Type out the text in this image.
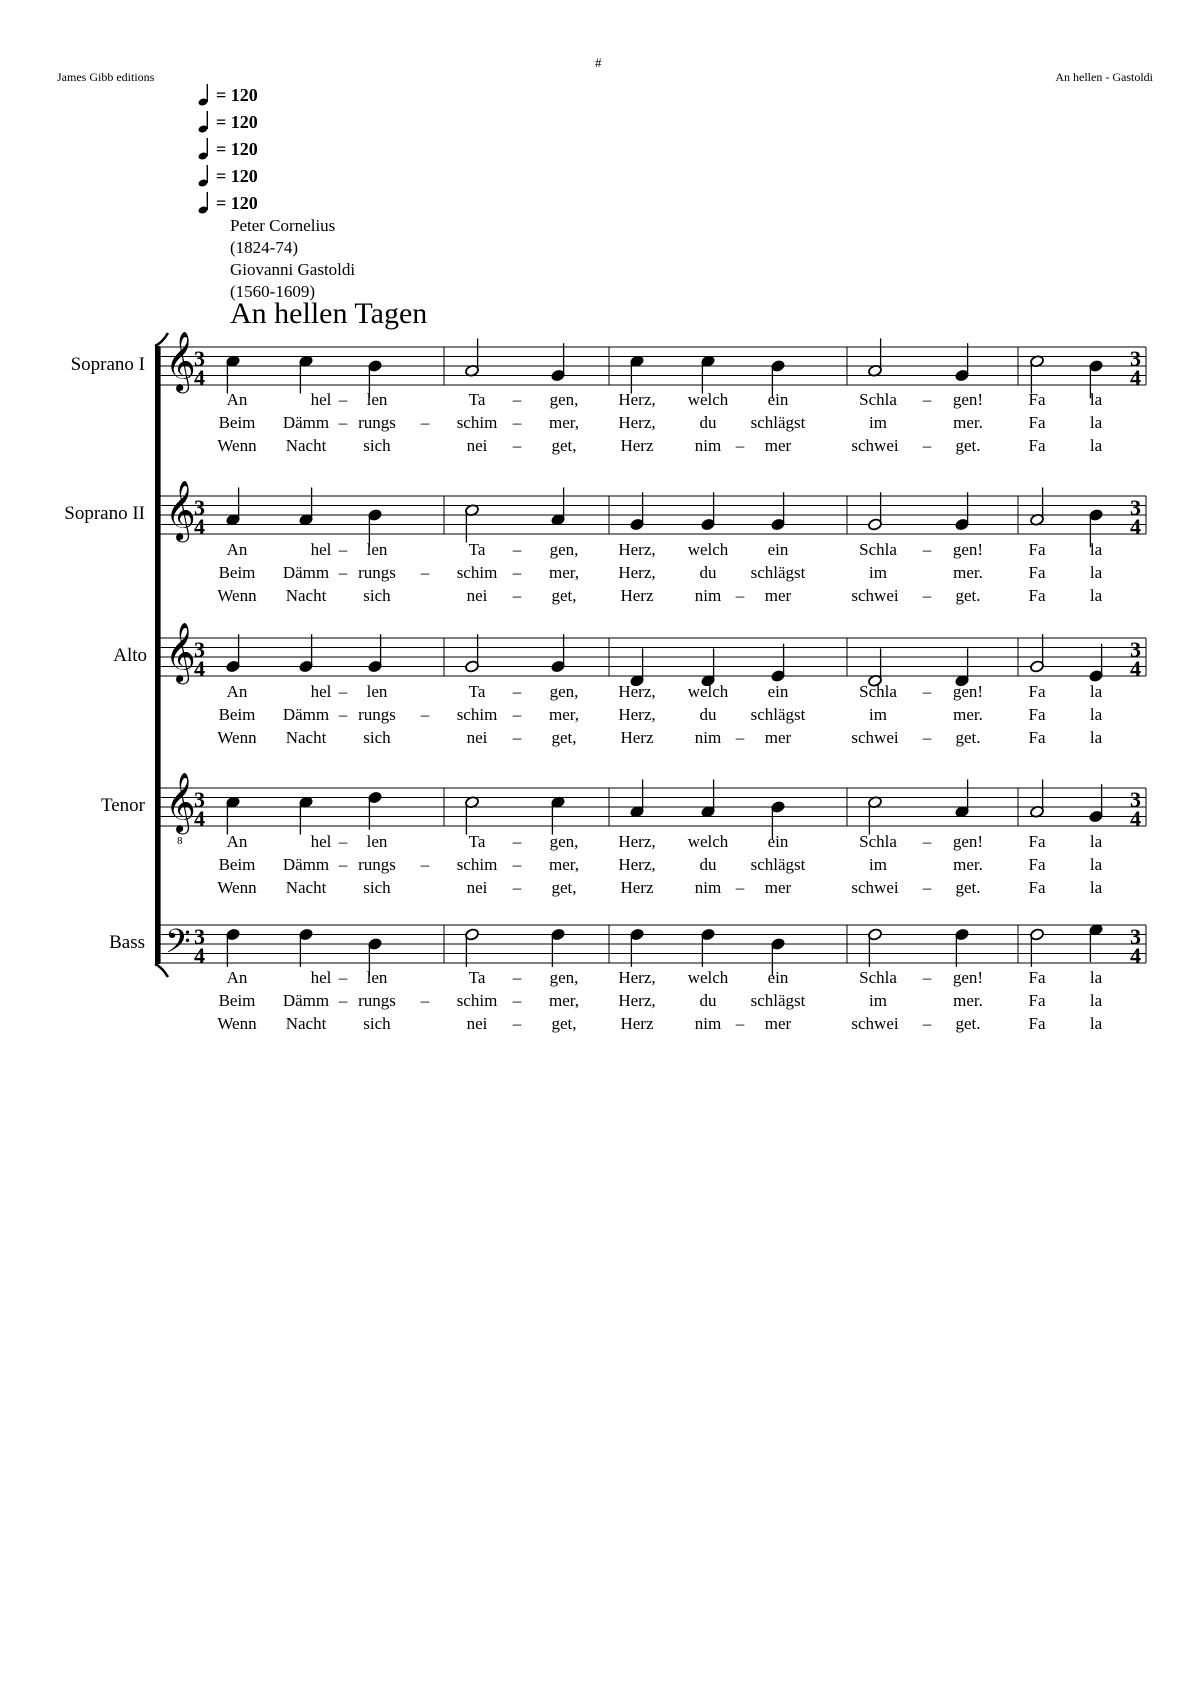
James Gibb editions
#
An hellen - Gastoldi
= 120
= 120
= 120
= 120
= 120
Peter Cornelius
(1824-74)
Giovanni Gastoldi
(1560-1609)
An hellen Tagen
Soprano I 𝄞
3
4
3
4
An	hel – len	Ta – gen, Herz, welch ein	Schla – gen!	Fa	la
Beim Dämm – rungs – schim – mer, Herz,	du schlägst	im	mer.	Fa	la
Wenn Nacht sich	nei – get,	Herz nim – mer	schwei – get.	Fa	la
Soprano II 𝄞
3
4
3
4
An	hel – len	Ta – gen, Herz, welch ein	Schla – gen!	Fa	la
Beim Dämm – rungs – schim – mer, Herz,	du schlägst	im	mer.	Fa	la
Wenn Nacht sich	nei – get,	Herz nim – mer	schwei – get.	Fa	la
Alto 𝄞
3
4
3
4
An	hel – len	Ta – gen, Herz, welch ein	Schla – gen!	Fa	la
Beim Dämm – rungs – schim – mer, Herz,	du schlägst	im	mer.	Fa	la
Wenn Nacht sich	nei – get,	Herz nim – mer	schwei – get.	Fa	la
Tenor 𝄞
8
3
4
3
4
An	hel – len	Ta – gen, Herz, welch ein	Schla – gen!	Fa	la
Beim Dämm – rungs – schim – mer, Herz,	du schlägst	im	mer.	Fa	la
Wenn Nacht sich	nei – get,	Herz nim – mer	schwei – get.	Fa	la
Bass 𝄢 3
4
3
4
An	hel – len	Ta – gen, Herz, welch ein	Schla – gen!	Fa	la
Beim Dämm – rungs – schim – mer, Herz,	du schlägst	im	mer.	Fa	la
Wenn Nacht sich	nei – get,	Herz nim – mer	schwei – get.	Fa	la
